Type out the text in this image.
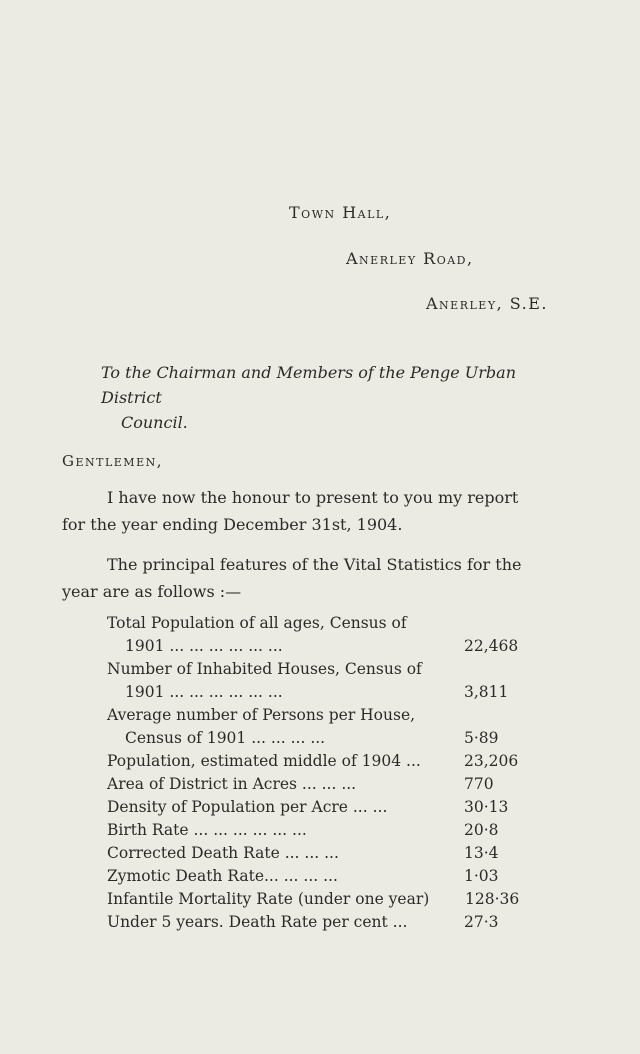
Town Hall,
Anerley Road,
Anerley, S.E.
To the Chairman and Members of the Penge Urban District
Council.
Gentlemen,
I have now the honour to present to you my report
for the year ending December 31st, 1904.
The principal features of the Vital Statistics for the
year are as follows :—
Total Population of all ages, Census of
1901 ... ... ... ... ... ...	22,468
Number of Inhabited Houses, Census of
1901 ... ... ... ... ... ...	3,811
Average number of Persons per House,
Census of 1901 ... ... ... ...	5·89
Population, estimated middle of 1904 ...	23,206
Area of District in Acres ... ... ...	770
Density of Population per Acre ... ...	30·13
Birth Rate ... ... ... ... ... ...	20·8
Corrected Death Rate ... ... ...	13·4
Zymotic Death Rate... ... ... ...	1·03
Infantile Mortality Rate (under one year) 128·36
Under 5 years. Death Rate per cent ...	27·3
